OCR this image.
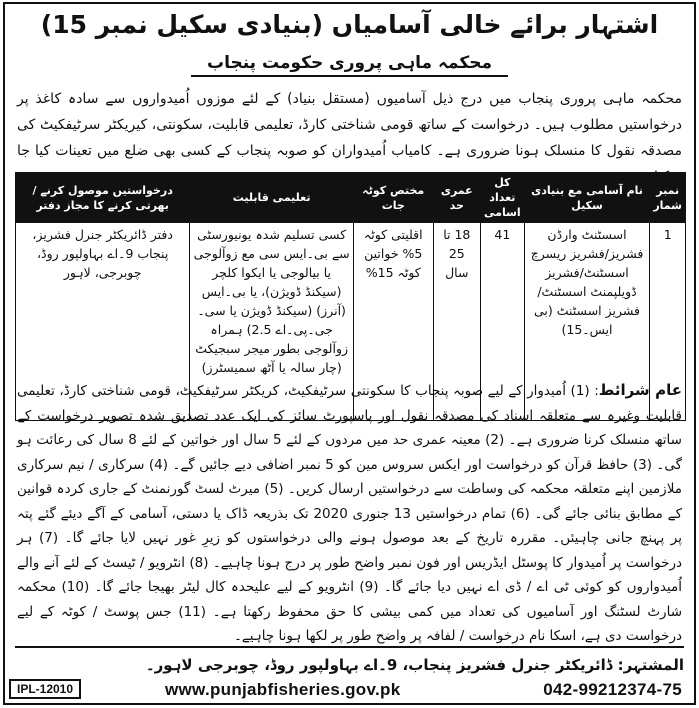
اشتہار برائے خالی آسامیاں (بنیادی سکیل نمبر 15)
محکمہ ماہی پروری حکومت پنجاب

محکمہ ماہی پروری پنجاب میں درج ذیل آسامیوں (مستقل بنیاد) کے لئے موزوں اُمیدواروں سے سادہ کاغذ پر درخواستیں مطلوب ہیں۔ درخواست کے ساتھ قومی شناختی کارڈ، تعلیمی قابلیت، سکونتی، کیریکٹر سرٹیفکیٹ کی مصدقہ نقول کا منسلک ہونا ضروری ہے۔ کامیاب اُمیدواران کو صوبہ پنجاب کے کسی بھی ضلع میں تعینات کیا جا

نمبر شمار	نام آسامی مع بنیادی سکیل	کل تعداد اسامی	عمری حد	مختص کوٹہ جات	تعلیمی قابلیت	درخواستیں موصول کرنے / بھرتی کرنے کا مجاز دفتر
1	اسسٹنٹ وارڈن فشریز/فشریز ریسرچ اسسٹنٹ/فشریز ڈویلپمنٹ اسسٹنٹ/فشریز اسسٹنٹ (بی ایس۔15)	41	18 تا 25 سال	اقلیتی کوٹہ 5% خواتین کوٹہ 15%	کسی تسلیم شدہ یونیورسٹی سے بی۔ایس سی مع زوآلوجی یا بیالوجی یا ایکوا کلچر (سیکنڈ ڈویژن)، یا بی۔ایس (آنرز) (سیکنڈ ڈویژن یا سی۔جی۔پی۔اے 2.5) ہمراہ زوآلوجی بطور میجر سبجیکٹ (چار سالہ یا آٹھ سمیسٹرز)	دفتر ڈائریکٹر جنرل فشریز، پنجاب 9۔اے بہاولپور روڈ، چوبرجی، لاہور

عام شرائط: (1) اُمیدوار کے لیے صوبہ پنجاب کا سکونتی سرٹیفکیٹ، کریکٹر سرٹیفکیٹ، قومی شناختی کارڈ، تعلیمی قابلیت وغیرہ سے متعلقہ اسناد کی مصدقہ نقول اور پاسپورٹ سائز کی ایک عدد تصدیق شدہ تصویر درخواست کے ساتھ منسلک کرنا ضروری ہے۔ (2) معینہ عمری حد میں مردوں کے لئے 5 سال اور خواتین کے لئے 8 سال کی رعائت ہو گی۔ (3) حافظ قرآن کو درخواست اور ایکس سروس مین کو 5 نمبر اضافی دیے جائیں گے۔ (4) سرکاری / نیم سرکاری ملازمین اپنے متعلقہ محکمہ کی وساطت سے درخواستیں ارسال کریں۔ (5) میرٹ لسٹ گورنمنٹ کے جاری کردہ قوانین کے مطابق بنائی جائے گی۔ (6) تمام درخواستیں 13 جنوری 2020 تک بذریعہ ڈاک یا دستی، آسامی کے آگے دیئے گئے پتہ پر پہنچ جانی چاہیئں۔ مقررہ تاریخ کے بعد موصول ہونے والی درخواستوں کو زیرِ غور نہیں لایا جائے گا۔ (7) ہر درخواست پر اُمیدوار کا پوسٹل ایڈریس اور فون نمبر واضح طور پر درج ہونا چاہیے۔ (8) انٹرویو / ٹیسٹ کے لئے آنے والے اُمیدواروں کو کوئی ٹی اے / ڈی اے نہیں دیا جائے گا۔ (9) انٹرویو کے لیے علیحدہ کال لیٹر بھیجا جائے گا۔ (10) محکمہ شارٹ لسٹنگ اور آسامیوں کی تعداد میں کمی بیشی کا حق محفوظ رکھتا ہے۔ (11) جس پوسٹ / کوٹہ کے لیے درخواست دی ہے، اسکا نام درخواست / لفافہ پر واضح طور پر لکھا ہونا چاہیے۔

المشتہر: ڈائریکٹر جنرل فشریز پنجاب، 9۔اے بہاولپور روڈ، چوبرجی لاہور۔
IPL-12010	www.punjabfisheries.gov.pk	042-99212374-75
